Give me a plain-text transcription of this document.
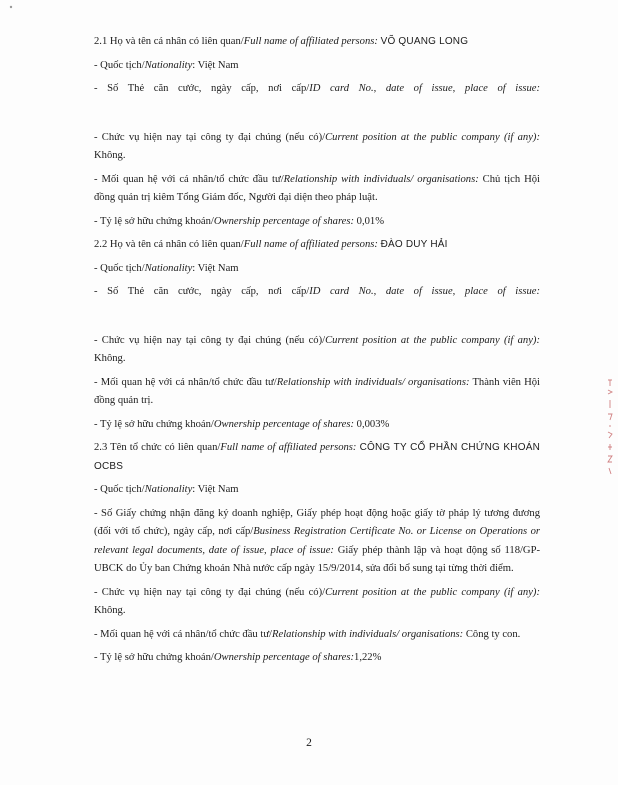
2.1 Họ và tên cá nhân có liên quan/Full name of affiliated persons: VÕ QUANG LONG

- Quốc tịch/Nationality: Việt Nam

- Số Thẻ căn cước, ngày cấp, nơi cấp/ID card No., date of issue, place of issue:

- Chức vụ hiện nay tại công ty đại chúng (nếu có)/Current position at the public company (if any): Không.

- Mối quan hệ với cá nhân/tổ chức đầu tư/Relationship with individuals/ organisations: Chủ tịch Hội đồng quản trị kiêm Tổng Giám đốc, Người đại diện theo pháp luật.

- Tỷ lệ sở hữu chứng khoán/Ownership percentage of shares: 0,01%

2.2 Họ và tên cá nhân có liên quan/Full name of affiliated persons: ĐÀO DUY HẢI

- Quốc tịch/Nationality: Việt Nam

- Số Thẻ căn cước, ngày cấp, nơi cấp/ID card No., date of issue, place of issue:

- Chức vụ hiện nay tại công ty đại chúng (nếu có)/Current position at the public company (if any): Không.

- Mối quan hệ với cá nhân/tổ chức đầu tư/Relationship with individuals/ organisations: Thành viên Hội đồng quản trị.

- Tỷ lệ sở hữu chứng khoán/Ownership percentage of shares: 0,003%

2.3 Tên tổ chức có liên quan/Full name of affiliated persons: CÔNG TY CỔ PHẦN CHỨNG KHOÁN OCBS

- Quốc tịch/Nationality: Việt Nam

- Số Giấy chứng nhận đăng ký doanh nghiệp, Giấy phép hoạt động hoặc giấy tờ pháp lý tương đương (đối với tổ chức), ngày cấp, nơi cấp/Business Registration Certificate No. or License on Operations or relevant legal documents, date of issue, place of issue: Giấy phép thành lập và hoạt động số 118/GP-UBCK do Ủy ban Chứng khoán Nhà nước cấp ngày 15/9/2014, sửa đổi bổ sung tại từng thời điểm.

- Chức vụ hiện nay tại công ty đại chúng (nếu có)/Current position at the public company (if any): Không.

- Mối quan hệ với cá nhân/tổ chức đầu tư/Relationship with individuals/ organisations: Công ty con.

- Tỷ lệ sở hữu chứng khoán/Ownership percentage of shares:1,22%

2
